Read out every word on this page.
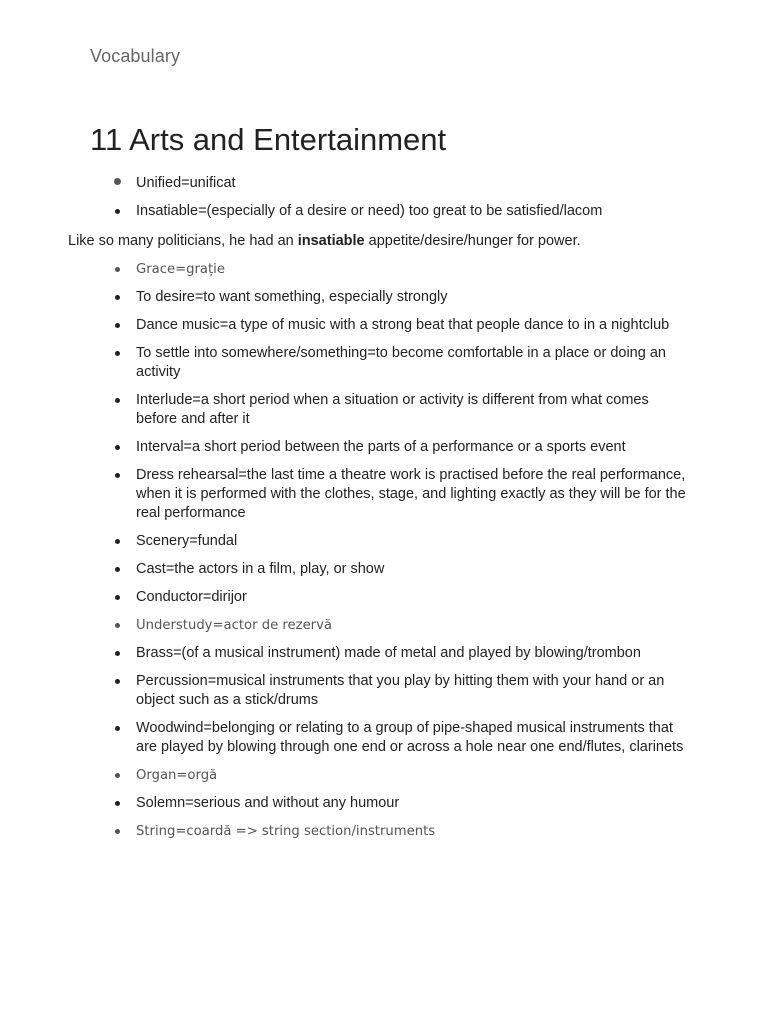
Vocabulary
11 Arts and Entertainment
Unified=unificat
Insatiable=(especially of a desire or need) too great to be satisfied/lacom
Like so many politicians, he had an insatiable appetite/desire/hunger for power.
Grace=grație
To desire=to want something, especially strongly
Dance music=a type of music with a strong beat that people dance to in a nightclub
To settle into somewhere/something=to become comfortable in a place or doing an activity
Interlude=a short period when a situation or activity is different from what comes before and after it
Interval=a short period between the parts of a performance or a sports event
Dress rehearsal=the last time a theatre work is practised before the real performance, when it is performed with the clothes, stage, and lighting exactly as they will be for the real performance
Scenery=fundal
Cast=the actors in a film, play, or show
Conductor=dirijor
Understudy=actor de rezervă
Brass=(of a musical instrument) made of metal and played by blowing/trombon
Percussion=musical instruments that you play by hitting them with your hand or an object such as a stick/drums
Woodwind=belonging or relating to a group of pipe-shaped musical instruments that are played by blowing through one end or across a hole near one end/flutes, clarinets
Organ=orgă
Solemn=serious and without any humour
String=coardă => string section/instruments
